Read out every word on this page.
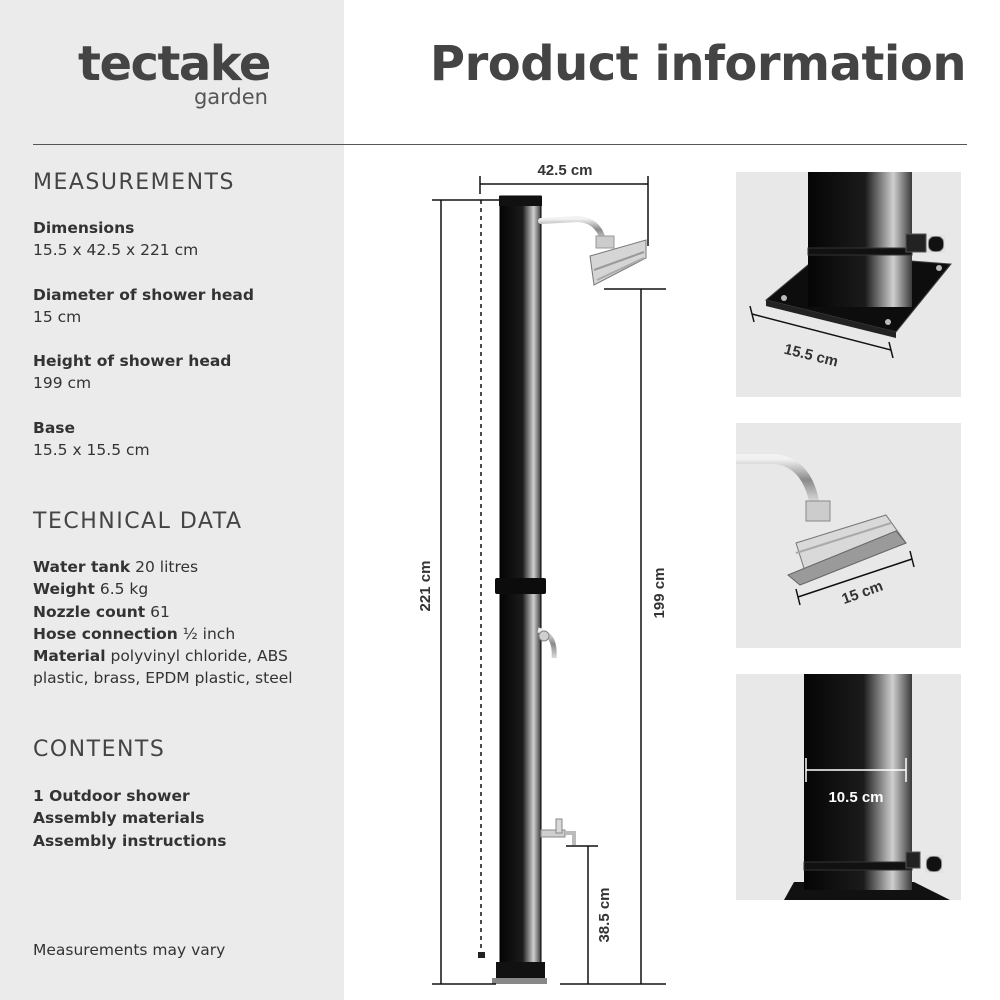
tectake
garden
Product information
MEASUREMENTS
Dimensions
15.5 x 42.5 x 221 cm
Diameter of shower head
15 cm
Height of shower head
199 cm
Base
15.5 x 15.5 cm
TECHNICAL DATA
Water tank 20 litres
Weight 6.5 kg
Nozzle count 61
Hose connection ½ inch
Material polyvinyl chloride, ABS plastic, brass, EPDM plastic, steel
CONTENTS
1 Outdoor shower
Assembly materials
Assembly instructions
Measurements may vary
42.5 cm
221 cm	199 cm
38.5 cm
15.5 cm
15 cm
10.5 cm
